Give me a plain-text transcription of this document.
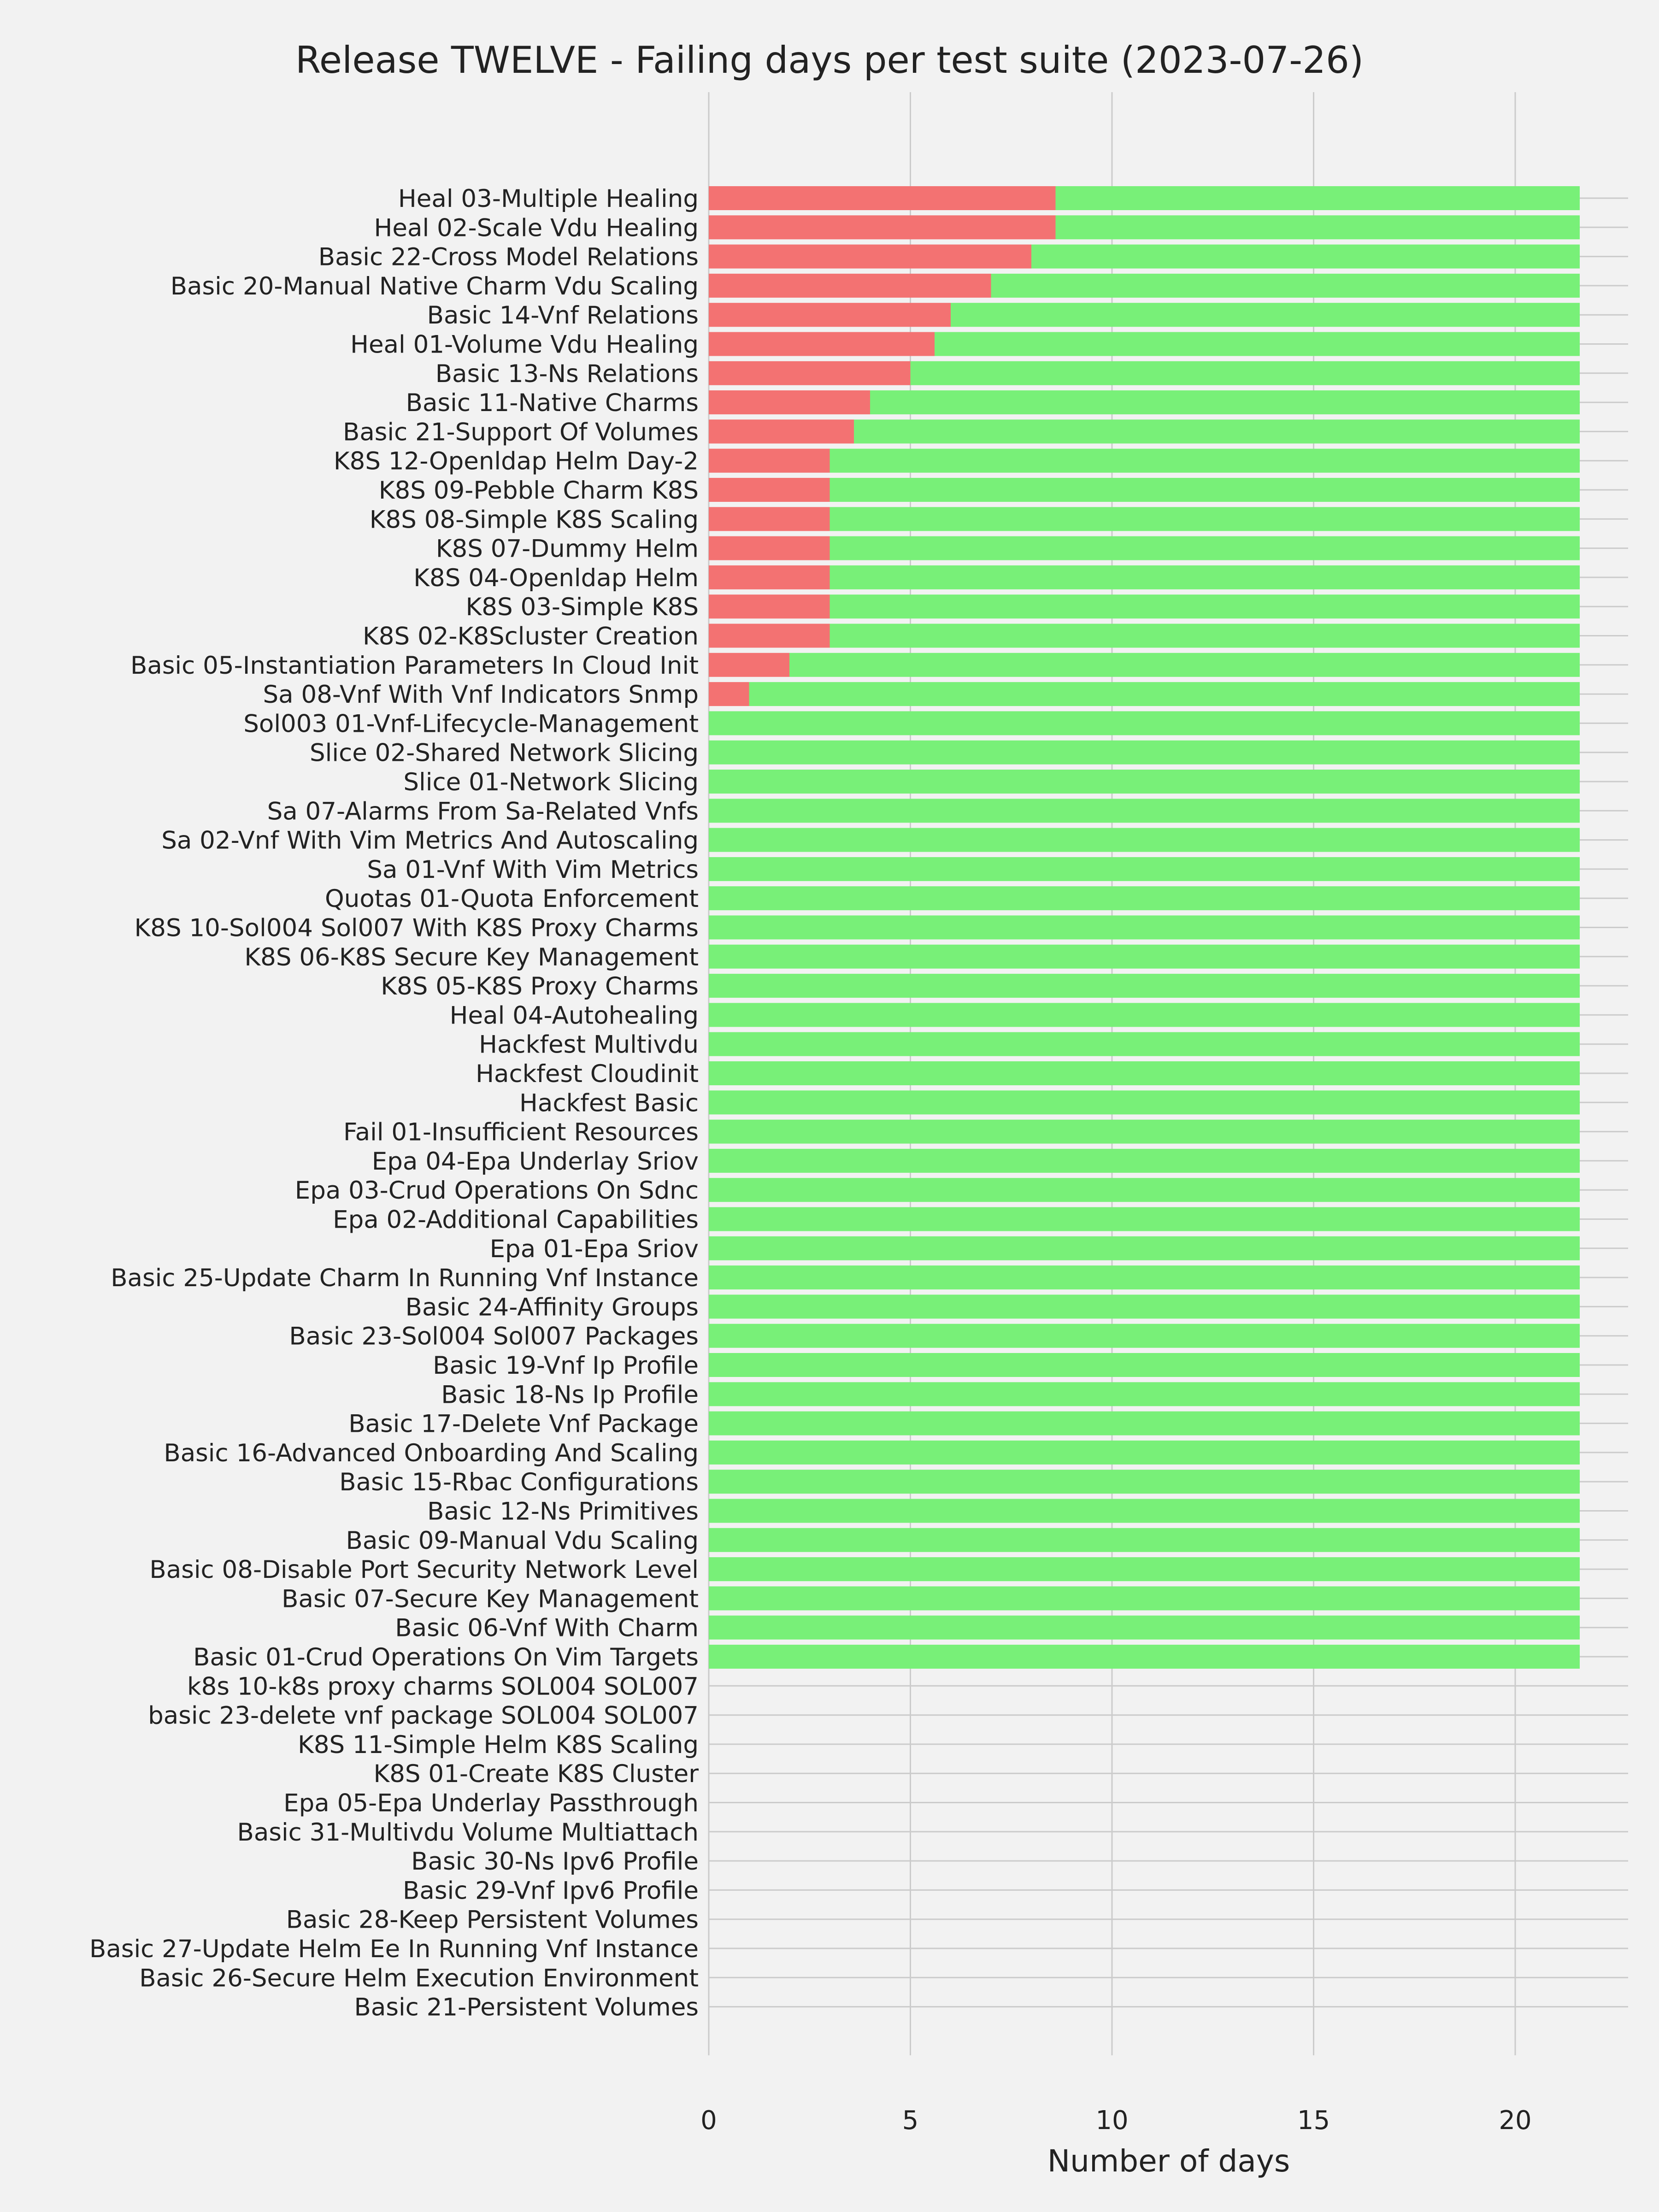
Release TWELVE - Failing days per test suite (2023-07-26)
Heal 03-Multiple Healing
Heal 02-Scale Vdu Healing
Basic 22-Cross Model Relations
Basic 20-Manual Native Charm Vdu Scaling
Basic 14-Vnf Relations
Heal 01-Volume Vdu Healing
Basic 13-Ns Relations
Basic 11-Native Charms
Basic 21-Support Of Volumes
K8S 12-Openldap Helm Day-2
K8S 09-Pebble Charm K8S
K8S 08-Simple K8S Scaling
K8S 07-Dummy Helm
K8S 04-Openldap Helm
K8S 03-Simple K8S
K8S 02-K8Scluster Creation
Basic 05-Instantiation Parameters In Cloud Init
Sa 08-Vnf With Vnf Indicators Snmp
Sol003 01-Vnf-Lifecycle-Management
Slice 02-Shared Network Slicing
Slice 01-Network Slicing
Sa 07-Alarms From Sa-Related Vnfs
Sa 02-Vnf With Vim Metrics And Autoscaling
Sa 01-Vnf With Vim Metrics
Quotas 01-Quota Enforcement
K8S 10-Sol004 Sol007 With K8S Proxy Charms
K8S 06-K8S Secure Key Management
K8S 05-K8S Proxy Charms
Heal 04-Autohealing
Hackfest Multivdu
Hackfest Cloudinit
Hackfest Basic
Fail 01-Insufficient Resources
Epa 04-Epa Underlay Sriov
Epa 03-Crud Operations On Sdnc
Epa 02-Additional Capabilities
Epa 01-Epa Sriov
Basic 25-Update Charm In Running Vnf Instance
Basic 24-Affinity Groups
Basic 23-Sol004 Sol007 Packages
Basic 19-Vnf Ip Profile
Basic 18-Ns Ip Profile
Basic 17-Delete Vnf Package
Basic 16-Advanced Onboarding And Scaling
Basic 15-Rbac Configurations
Basic 12-Ns Primitives
Basic 09-Manual Vdu Scaling
Basic 08-Disable Port Security Network Level
Basic 07-Secure Key Management
Basic 06-Vnf With Charm
Basic 01-Crud Operations On Vim Targets
k8s 10-k8s proxy charms SOL004 SOL007
basic 23-delete vnf package SOL004 SOL007
K8S 11-Simple Helm K8S Scaling
K8S 01-Create K8S Cluster
Epa 05-Epa Underlay Passthrough
Basic 31-Multivdu Volume Multiattach
Basic 30-Ns Ipv6 Profile
Basic 29-Vnf Ipv6 Profile
Basic 28-Keep Persistent Volumes
Basic 27-Update Helm Ee In Running Vnf Instance
Basic 26-Secure Helm Execution Environment
Basic 21-Persistent Volumes
0	5	10	15	20
Number of days
